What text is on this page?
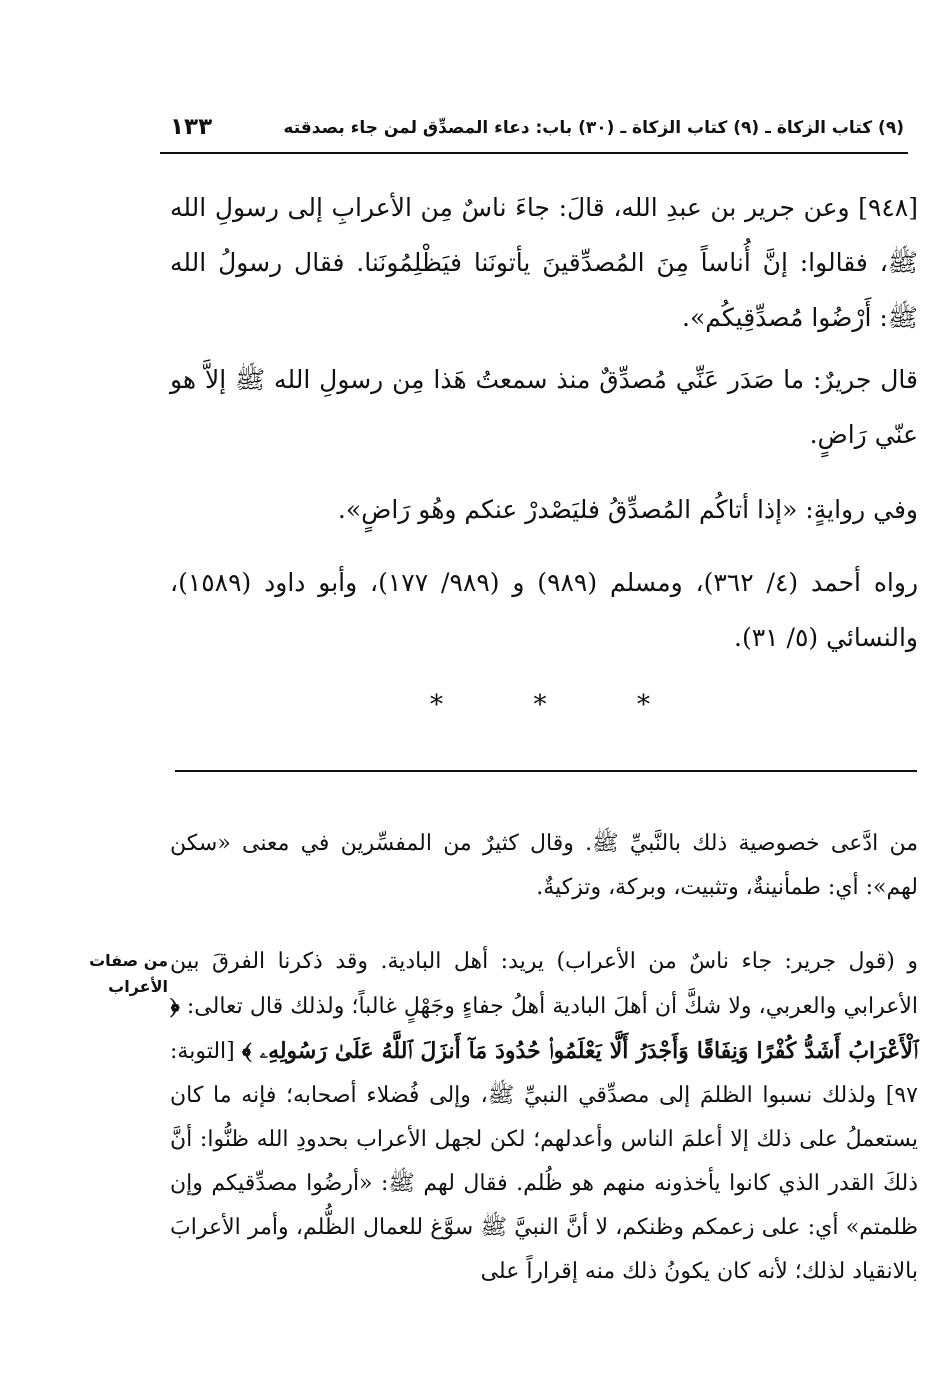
(٩) كتاب الزكاة ـ (٩) كتاب الزكاة ـ (٣٠) باب: دعاء المصدِّق لمن جاء بصدقته
١٣٣

[٩٤٨] وعن جرير بن عبدِ الله، قالَ: جاءَ ناسٌ مِن الأعرابِ إلى رسولِ الله ﷺ، فقالوا: إنَّ أُناساً مِنَ المُصدِّقينَ يأتونَنا فيَظْلِمُونَنا. فقال رسولُ الله ﷺ: أَرْضُوا مُصدِّقِيكُم».

قال جريرٌ: ما صَدَر عَنِّي مُصدِّقٌ منذ سمعتُ هَذا مِن رسولِ الله ﷺ إلاَّ هو عنّي رَاضٍ.

وفي روايةٍ: «إذا أتاكُم المُصدِّقُ فليَصْدرْ عنكم وهُو رَاضٍ».

رواه أحمد (٤/ ٣٦٢)، ومسلم (٩٨٩) و (٩٨٩/ ١٧٧)، وأبو داود (١٥٨٩)، والنسائي (٥/ ٣١).

*
*
*

من ادَّعى خصوصية ذلك بالنَّبيِّ ﷺ. وقال كثيرٌ من المفسِّرين في معنى «سكن لهم»: أي: طمأنينةٌ، وتثبيت، وبركة، وتزكيةٌ.

و (قول جرير: جاء ناسٌ من الأعراب) يريد: أهل البادية. وقد ذكرنا الفرقَ بين الأعرابي والعربي، ولا شكَّ أن أهلَ البادية أهلُ جفاءٍ وجَهْلٍ غالباً؛ ولذلك قال تعالى: ﴿ ٱلْأَعْرَابُ أَشَدُّ كُفْرًا وَنِفَاقًا وَأَجْدَرُ أَلَّا يَعْلَمُوا۟ حُدُودَ مَآ أَنزَلَ ٱللَّهُ عَلَىٰ رَسُولِهِۦ ﴾ [التوبة: ٩٧] ولذلك نسبوا الظلمَ إلى مصدِّقي النبيِّ ﷺ، وإلى فُضلاء أصحابه؛ فإنه ما كان يستعملُ على ذلك إلا أعلمَ الناس وأعدلهم؛ لكن لجهل الأعراب بحدودِ الله ظنُّوا: أنَّ ذلكَ القدر الذي كانوا يأخذونه منهم هو ظُلم. فقال لهم ﷺ: «أرضُوا مصدِّقيكم وإن ظلمتم» أي: على زعمكم وظنكم، لا أنَّ النبيَّ ﷺ سوَّغ للعمال الظُّلم، وأمر الأعرابَ بالانقياد لذلك؛ لأنه كان يكونُ ذلك منه إقراراً على

من صفات
الأعراب
